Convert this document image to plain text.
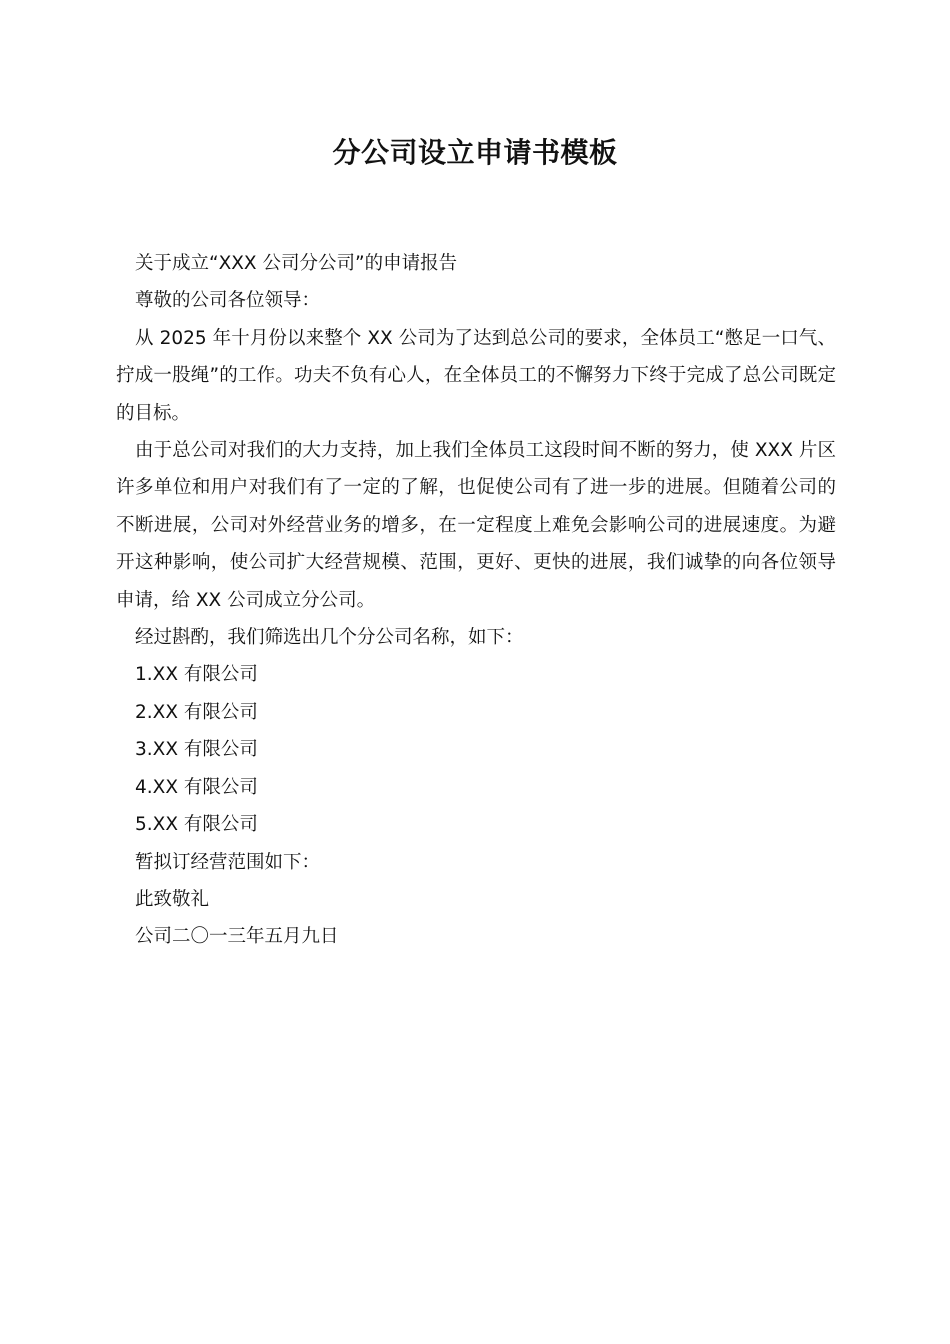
分公司设立申请书模板

关于成立“XXX 公司分公司”的申请报告

尊敬的公司各位领导：

从 2025 年十月份以来整个 XX 公司为了达到总公司的要求，全体员工“憋足一口气、拧成一股绳”的工作。功夫不负有心人，在全体员工的不懈努力下终于完成了总公司既定的目标。

由于总公司对我们的大力支持，加上我们全体员工这段时间不断的努力，使 XXX 片区许多单位和用户对我们有了一定的了解，也促使公司有了进一步的进展。但随着公司的不断进展，公司对外经营业务的增多，在一定程度上难免会影响公司的进展速度。为避开这种影响，使公司扩大经营规模、范围，更好、更快的进展，我们诚挚的向各位领导申请，给 XX 公司成立分公司。

经过斟酌，我们筛选出几个分公司名称，如下：

1.XX 有限公司

2.XX 有限公司

3.XX 有限公司

4.XX 有限公司

5.XX 有限公司

暂拟订经营范围如下：

此致敬礼

公司二〇一三年五月九日
